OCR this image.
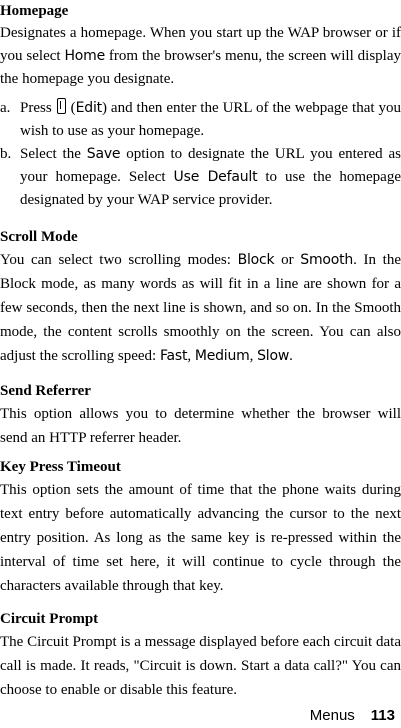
Homepage

Designates a homepage. When you start up the WAP browser or if you select Home from the browser's menu, the screen will display the homepage you designate.

a. Press  (Edit) and then enter the URL of the webpage that you wish to use as your homepage.
b. Select the Save option to designate the URL you entered as your homepage. Select Use Default to use the homepage designated by your WAP service provider.

Scroll Mode

You can select two scrolling modes: Block or Smooth. In the Block mode, as many words as will fit in a line are shown for a few seconds, then the next line is shown, and so on. In the Smooth mode, the content scrolls smoothly on the screen. You can also adjust the scrolling speed: Fast, Medium, Slow.

Send Referrer

This option allows you to determine whether the browser will send an HTTP referrer header.

Key Press Timeout

This option sets the amount of time that the phone waits during text entry before automatically advancing the cursor to the next entry position. As long as the same key is re-pressed within the interval of time set here, it will continue to cycle through the characters available through that key.

Circuit Prompt

The Circuit Prompt is a message displayed before each circuit data call is made. It reads, "Circuit is down. Start a data call?" You can choose to enable or disable this feature.

Menus 113
